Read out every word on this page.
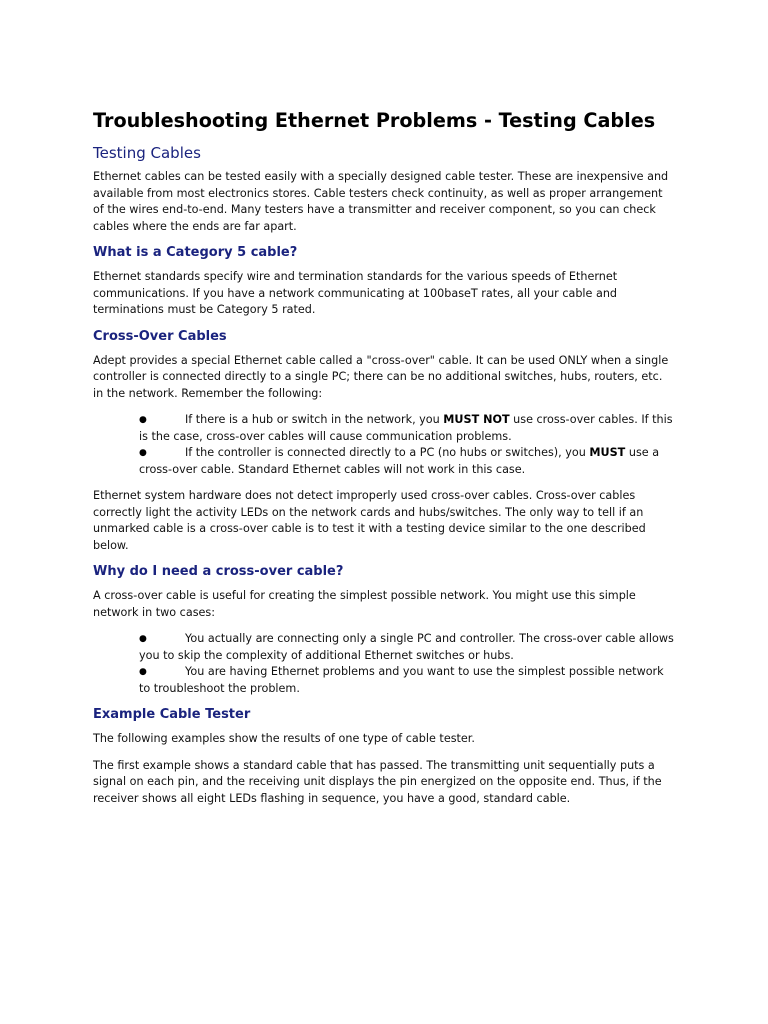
Troubleshooting Ethernet Problems - Testing Cables
Testing Cables

Ethernet cables can be tested easily with a specially designed cable tester. These are inexpensive and available from most electronics stores. Cable testers check continuity, as well as proper arrangement of the wires end-to-end. Many testers have a transmitter and receiver component, so you can check cables where the ends are far apart.

What is a Category 5 cable?

Ethernet standards specify wire and termination standards for the various speeds of Ethernet communications. If you have a network communicating at 100baseT rates, all your cable and terminations must be Category 5 rated.

Cross-Over Cables

Adept provides a special Ethernet cable called a "cross-over" cable. It can be used ONLY when a single controller is connected directly to a single PC; there can be no additional switches, hubs, routers, etc. in the network. Remember the following:

●	If there is a hub or switch in the network, you MUST NOT use cross-over cables. If this is the case, cross-over cables will cause communication problems.
●	If the controller is connected directly to a PC (no hubs or switches), you MUST use a cross-over cable. Standard Ethernet cables will not work in this case.

Ethernet system hardware does not detect improperly used cross-over cables. Cross-over cables correctly light the activity LEDs on the network cards and hubs/switches. The only way to tell if an unmarked cable is a cross-over cable is to test it with a testing device similar to the one described below.

Why do I need a cross-over cable?

A cross-over cable is useful for creating the simplest possible network. You might use this simple network in two cases:

●	You actually are connecting only a single PC and controller. The cross-over cable allows you to skip the complexity of additional Ethernet switches or hubs.
●	You are having Ethernet problems and you want to use the simplest possible network to troubleshoot the problem.
Example Cable Tester

The following examples show the results of one type of cable tester.

The first example shows a standard cable that has passed. The transmitting unit sequentially puts a signal on each pin, and the receiving unit displays the pin energized on the opposite end. Thus, if the receiver shows all eight LEDs flashing in sequence, you have a good, standard cable.
